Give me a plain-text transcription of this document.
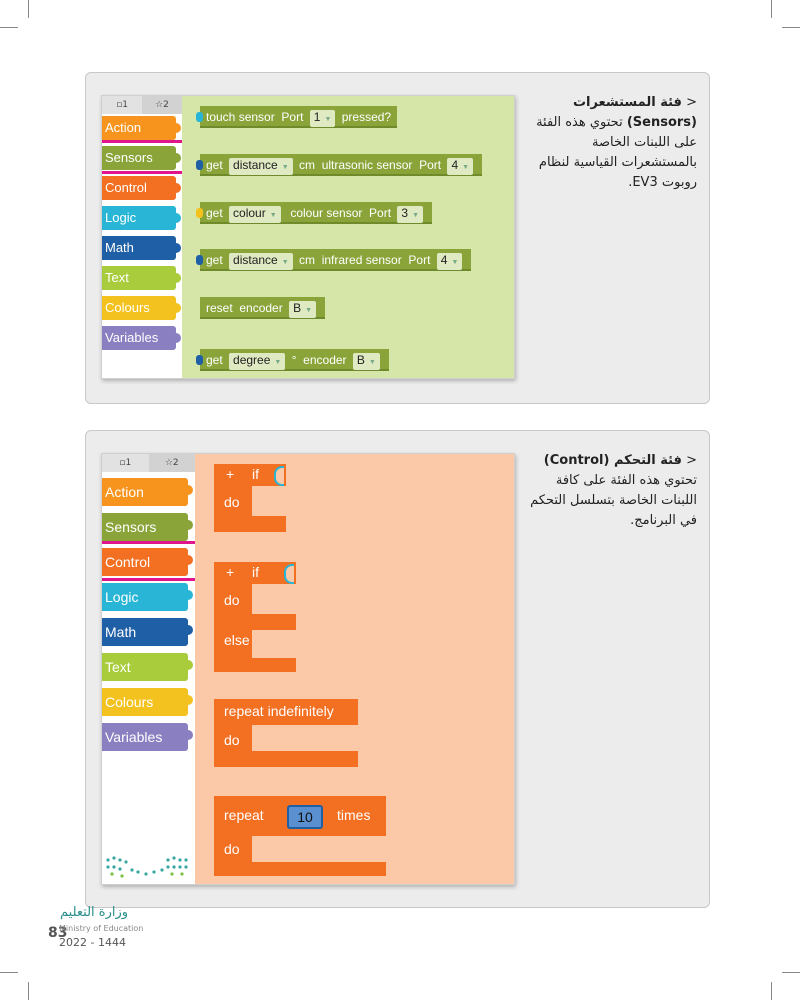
▫1	☆2
Action
Sensors
Control
Logic
Math
Text
Colours
Variables
touch sensor Port 1 ▼ pressed?
get distance ▼ cm ultrasonic sensor Port 4 ▼
get colour ▼ colour sensor Port 3 ▼
get distance ▼ cm infrared sensor Port 4 ▼
reset encoder B ▼
get degree ▼ ° encoder B ▼
< فئة المستشعرات (Sensors) تحتوي هذه الفئة على اللبنات الخاصة بالمستشعرات القياسية لنظام روبوت EV3.
▫1	☆2
Action
Sensors
Control
Logic
Math
Text
Colours
Variables
+ if
do
+ if
do
else
repeat indefinitely
do
repeat	10	times
do
< فئة التحكم (Control) تحتوي هذه الفئة على كافة اللبنات الخاصة بتسلسل التحكم في البرنامج.
وزارة التعليم
83
Ministry of Education
2022 - 1444
